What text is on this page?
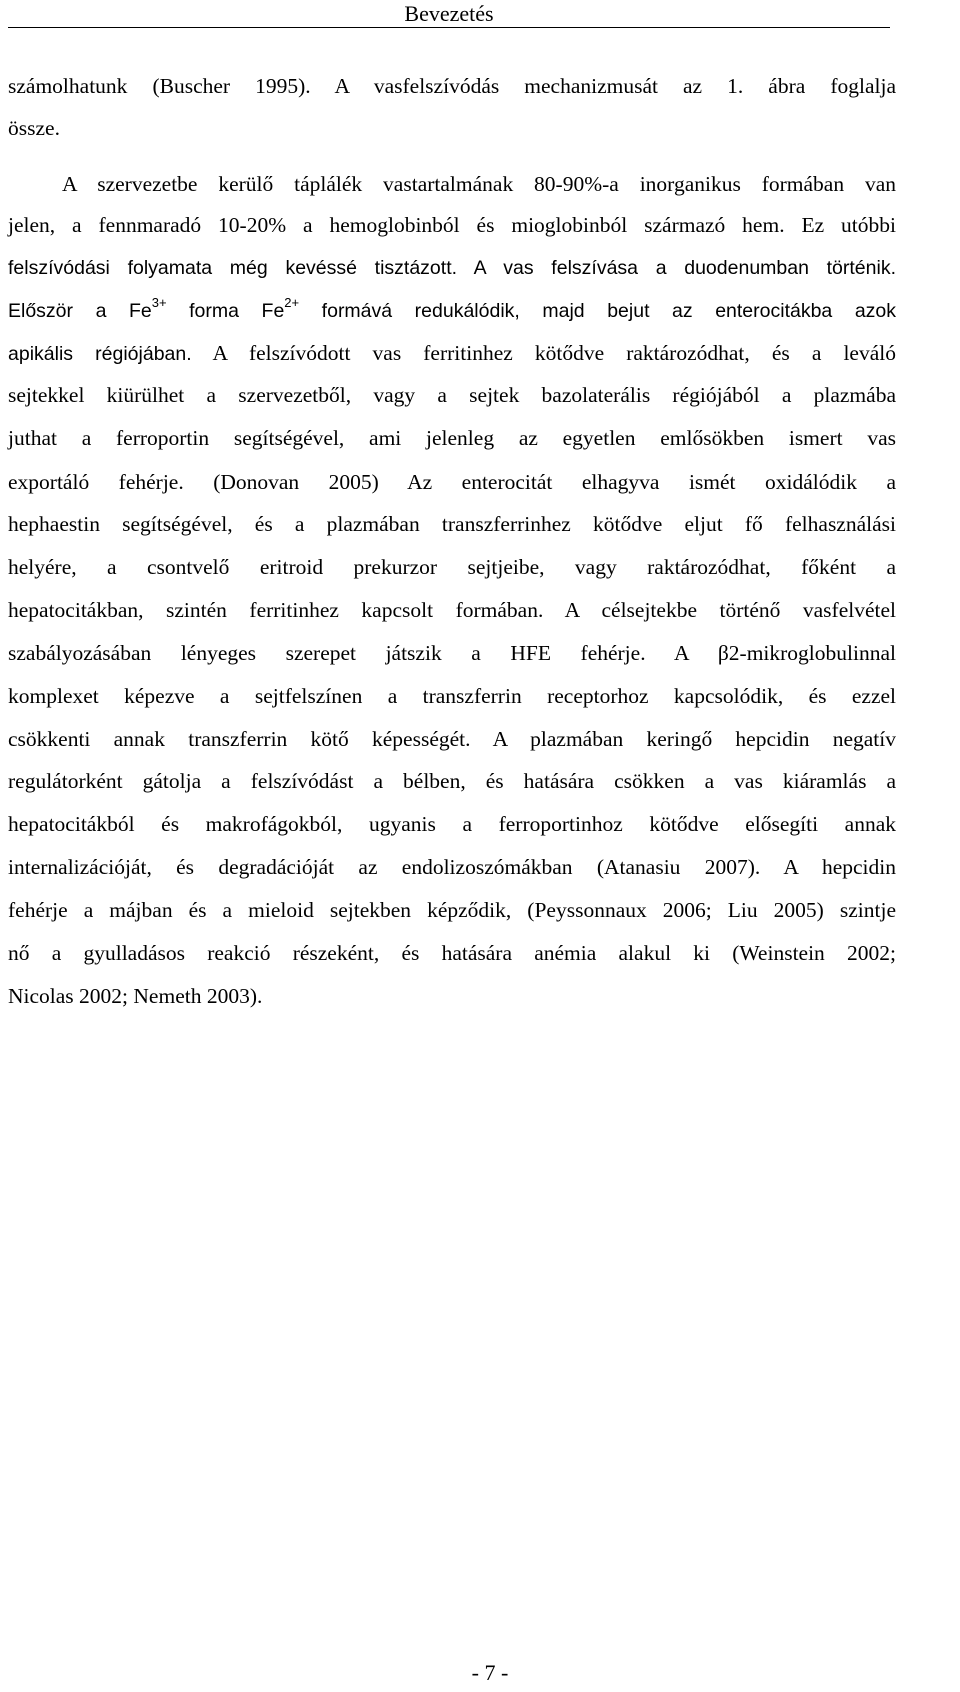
Bevezetés
számolhatunk (Buscher 1995). A vasfelszívódás mechanizmusát az 1. ábra foglalja
össze.
A szervezetbe kerülő táplálék vastartalmának 80-90%-a inorganikus formában van
jelen, a fennmaradó 10-20% a hemoglobinból és mioglobinból származó hem. Ez utóbbi
felszívódási folyamata még kevéssé tisztázott. A vas felszívása a duodenumban történik.
Először a $Fe^{3+}$ forma $Fe^{2+}$ formává redukálódik, majd bejut az enterocitákba azok
apikális régiójában. A felszívódott vas ferritinhez kötődve raktározódhat, és a leváló
sejtekkel kiürülhet a szervezetből, vagy a sejtek bazolaterális régiójából a plazmába
juthat a ferroportin segítségével, ami jelenleg az egyetlen emlősökben ismert vas
exportáló fehérje. (Donovan 2005) Az enterocitát elhagyva ismét oxidálódik a
hephaestin segítségével, és a plazmában transzferrinhez kötődve eljut fő felhasználási
helyére, a csontvelő eritroid prekurzor sejtjeibe, vagy raktározódhat, főként a
hepatocitákban, szintén ferritinhez kapcsolt formában. A célsejtekbe történő vasfelvétel
szabályozásában lényeges szerepet játszik a HFE fehérje. A β2-mikroglobulinnal
komplexet képezve a sejtfelszínen a transzferrin receptorhoz kapcsolódik, és ezzel
csökkenti annak transzferrin kötő képességét. A plazmában keringő hepcidin negatív
regulátorként gátolja a felszívódást a bélben, és hatására csökken a vas kiáramlás a
hepatocitákból és makrofágokból, ugyanis a ferroportinhoz kötődve elősegíti annak
internalizációját, és degradációját az endolizoszómákban (Atanasiu 2007). A hepcidin
fehérje a májban és a mieloid sejtekben képződik, (Peyssonnaux 2006; Liu 2005) szintje
nő a gyulladásos reakció részeként, és hatására anémia alakul ki (Weinstein 2002;
Nicolas 2002; Nemeth 2003).
- 7 -
